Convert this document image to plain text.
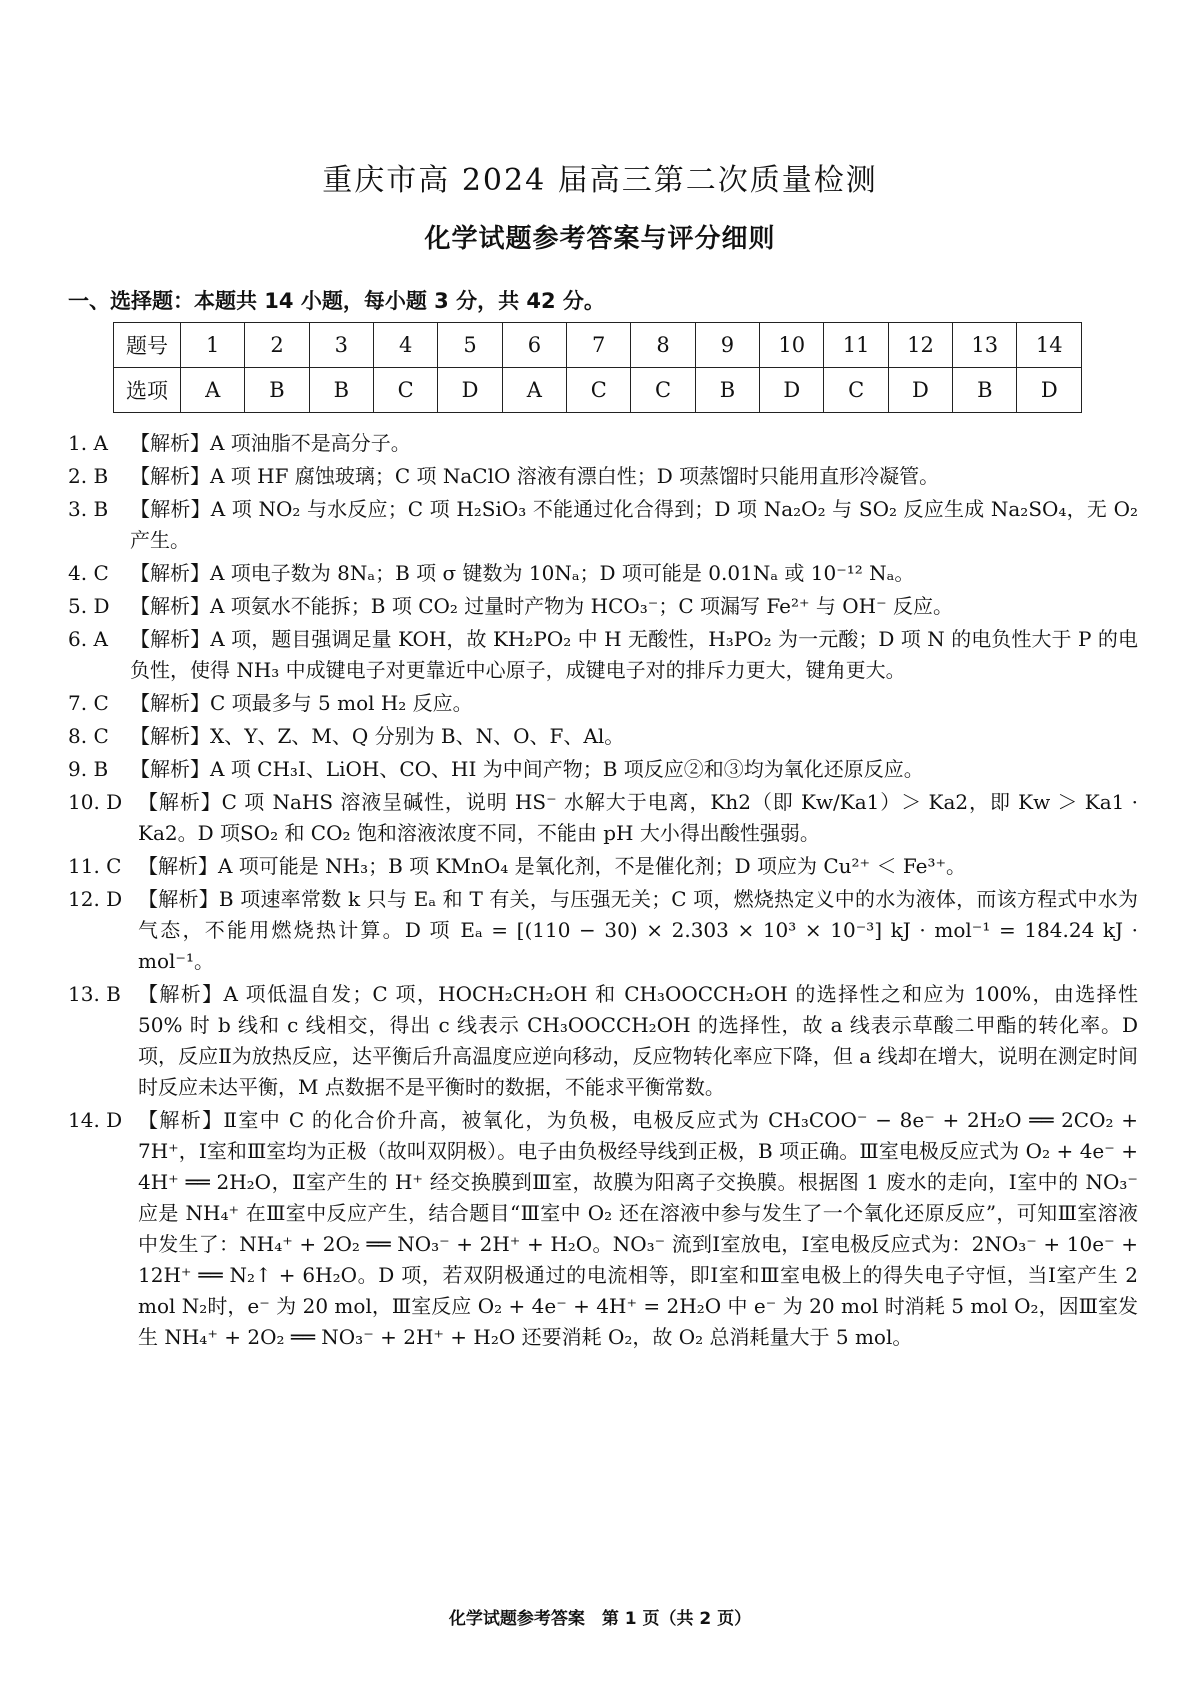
重庆市高 2024 届高三第二次质量检测
化学试题参考答案与评分细则
一、选择题：本题共 14 小题，每小题 3 分，共 42 分。
题号	1	2	3	4	5	6	7	8	9	10	11	12	13	14
选项	A	B	B	C	D	A	C	C	B	D	C	D	B	D
1. A	【解析】A 项油脂不是高分子。
2. B	【解析】A 项 HF 腐蚀玻璃；C 项 NaClO 溶液有漂白性；D 项蒸馏时只能用直形冷凝管。
3. B	【解析】A 项 NO₂ 与水反应；C 项 H₂SiO₃ 不能通过化合得到；D 项 Na₂O₂ 与 SO₂ 反应生成 Na₂SO₄，无 O₂ 产生。
4. C	【解析】A 项电子数为 8Nₐ；B 项 σ 键数为 10Nₐ；D 项可能是 0.01Nₐ 或 10⁻¹² Nₐ。
5. D	【解析】A 项氨水不能拆；B 项 CO₂ 过量时产物为 HCO₃⁻；C 项漏写 Fe²⁺ 与 OH⁻ 反应。
6. A	【解析】A 项，题目强调足量 KOH，故 KH₂PO₂ 中 H 无酸性，H₃PO₂ 为一元酸；D 项 N 的电负性大于 P 的电负性，使得 NH₃ 中成键电子对更靠近中心原子，成键电子对的排斥力更大，键角更大。
7. C	【解析】C 项最多与 5 mol H₂ 反应。
8. C	【解析】X、Y、Z、M、Q 分别为 B、N、O、F、Al。
9. B	【解析】A 项 CH₃I、LiOH、CO、HI 为中间产物；B 项反应②和③均为氧化还原反应。
10. D 【解析】C 项 NaHS 溶液呈碱性，说明 HS⁻ 水解大于电离，Kh2（即 Kw/Ka1）＞ Ka2，即 Kw ＞ Ka1 · Ka2。D 项SO₂ 和 CO₂ 饱和溶液浓度不同，不能由 pH 大小得出酸性强弱。
11. C 【解析】A 项可能是 NH₃；B 项 KMnO₄ 是氧化剂，不是催化剂；D 项应为 Cu²⁺ ＜ Fe³⁺。
12. D 【解析】B 项速率常数 k 只与 Eₐ 和 T 有关，与压强无关；C 项，燃烧热定义中的水为液体，而该方程式中水为气态，不能用燃烧热计算。D 项 Eₐ = [(110 − 30) × 2.303 × 10³ × 10⁻³] kJ · mol⁻¹ = 184.24 kJ · mol⁻¹。
13. B 【解析】A 项低温自发；C 项，HOCH₂CH₂OH 和 CH₃OOCCH₂OH 的选择性之和应为 100%，由选择性 50% 时 b 线和 c 线相交，得出 c 线表示 CH₃OOCCH₂OH 的选择性，故 a 线表示草酸二甲酯的转化率。D 项，反应Ⅱ为放热反应，达平衡后升高温度应逆向移动，反应物转化率应下降，但 a 线却在增大，说明在测定时间时反应未达平衡，M 点数据不是平衡时的数据，不能求平衡常数。
14. D 【解析】Ⅱ室中 C 的化合价升高，被氧化，为负极，电极反应式为 CH₃COO⁻ − 8e⁻ + 2H₂O ══ 2CO₂ + 7H⁺，Ⅰ室和Ⅲ室均为正极（故叫双阴极）。电子由负极经导线到正极，B 项正确。Ⅲ室电极反应式为 O₂ + 4e⁻ + 4H⁺ ══ 2H₂O，Ⅱ室产生的 H⁺ 经交换膜到Ⅲ室，故膜为阳离子交换膜。根据图 1 废水的走向，Ⅰ室中的 NO₃⁻ 应是 NH₄⁺ 在Ⅲ室中反应产生，结合题目“Ⅲ室中 O₂ 还在溶液中参与发生了一个氧化还原反应”，可知Ⅲ室溶液中发生了：NH₄⁺ + 2O₂ ══ NO₃⁻ + 2H⁺ + H₂O。NO₃⁻ 流到Ⅰ室放电，Ⅰ室电极反应式为：2NO₃⁻ + 10e⁻ + 12H⁺ ══ N₂↑ + 6H₂O。D 项，若双阴极通过的电流相等，即Ⅰ室和Ⅲ室电极上的得失电子守恒，当Ⅰ室产生 2 mol N₂时，e⁻ 为 20 mol，Ⅲ室反应 O₂ + 4e⁻ + 4H⁺ = 2H₂O 中 e⁻ 为 20 mol 时消耗 5 mol O₂，因Ⅲ室发生 NH₄⁺ + 2O₂ ══ NO₃⁻ + 2H⁺ + H₂O 还要消耗 O₂，故 O₂ 总消耗量大于 5 mol。
化学试题参考答案　第 1 页（共 2 页）
